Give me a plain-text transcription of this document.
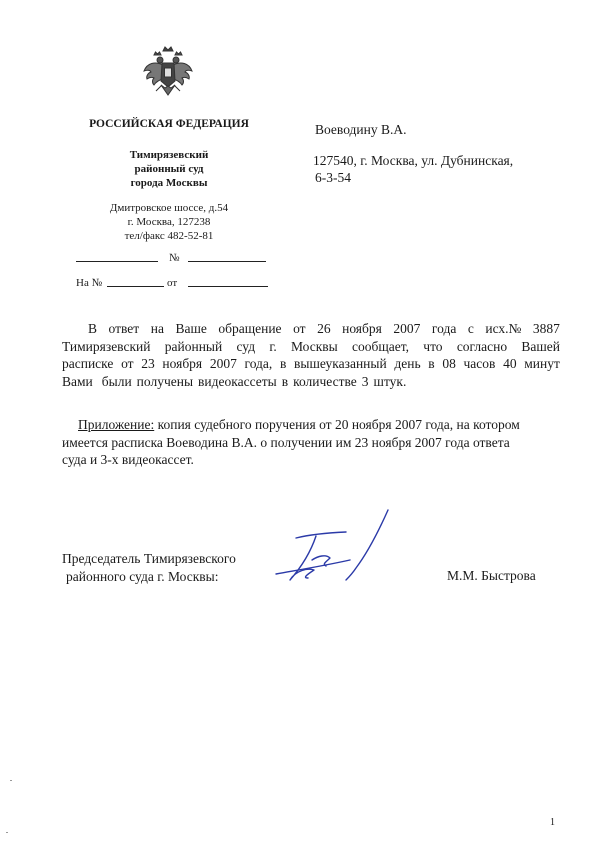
РОССИЙСКАЯ ФЕДЕРАЦИЯ
Тимирязевский
районный суд
города Москвы
Дмитровское шоссе, д.54
г. Москва, 127238
тел/факс 482-52-81
№
На №	от
Воеводину В.А.
127540, г. Москва, ул. Дубнинская,
6-3-54
В ответ на Ваше обращение от 26 ноября 2007 года с исх.№ 3887
Тимирязевский районный суд г. Москвы сообщает, что согласно Вашей
расписке от 23 ноября 2007 года, в вышеуказанный день в 08 часов 40 минут
Вами были получены видеокассеты в количестве 3 штук.
Приложение: копия судебного поручения от 20 ноября 2007 года, на котором
имеется расписка Воеводина В.А. о получении им 23 ноября 2007 года ответа
суда и 3-х видеокассет.
Председатель Тимирязевского
районного суда г. Москвы:	М.М. Быстрова
1
